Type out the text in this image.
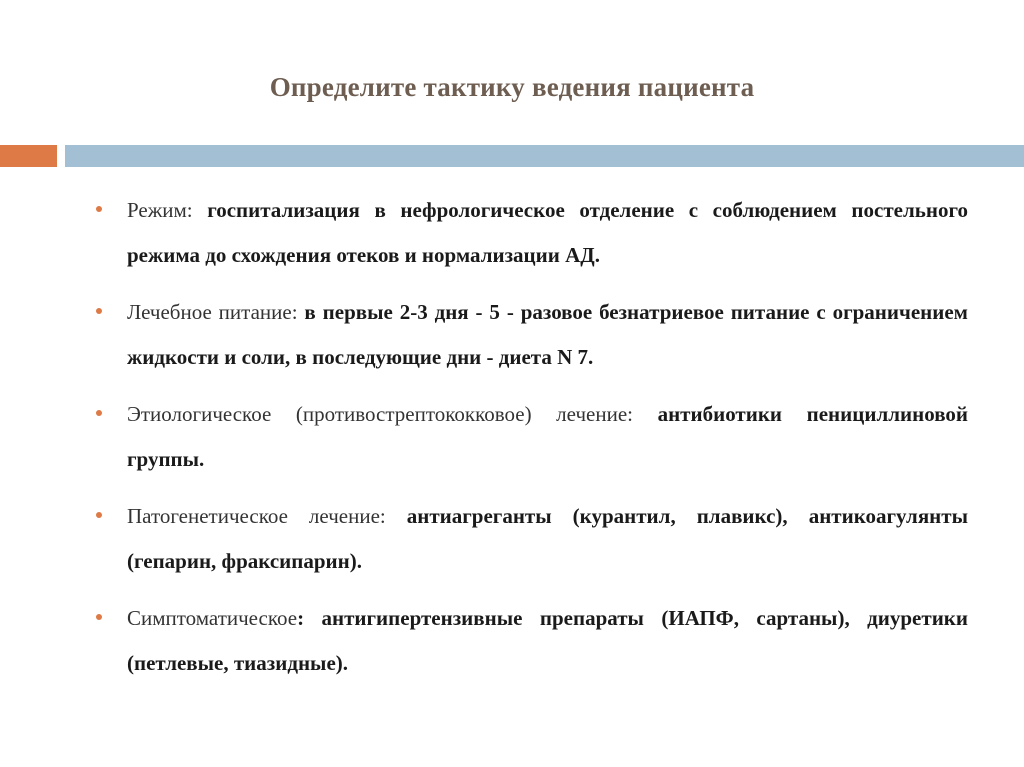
Определите тактику ведения пациента
Режим: госпитализация в нефрологическое отделение с соблюдением постельного режима до схождения отеков и нормализации АД.
Лечебное питание: в первые 2-3 дня - 5 - разовое безнатриевое питание с ограничением жидкости и соли, в последующие дни - диета N 7.
Этиологическое (противострептококковое) лечение: антибиотики пенициллиновой группы.
Патогенетическое лечение: антиагреганты (курантил, плавикс), антикоагулянты (гепарин, фраксипарин).
Симптоматическое: антигипертензивные препараты (ИАПФ, сартаны), диуретики (петлевые, тиазидные).
